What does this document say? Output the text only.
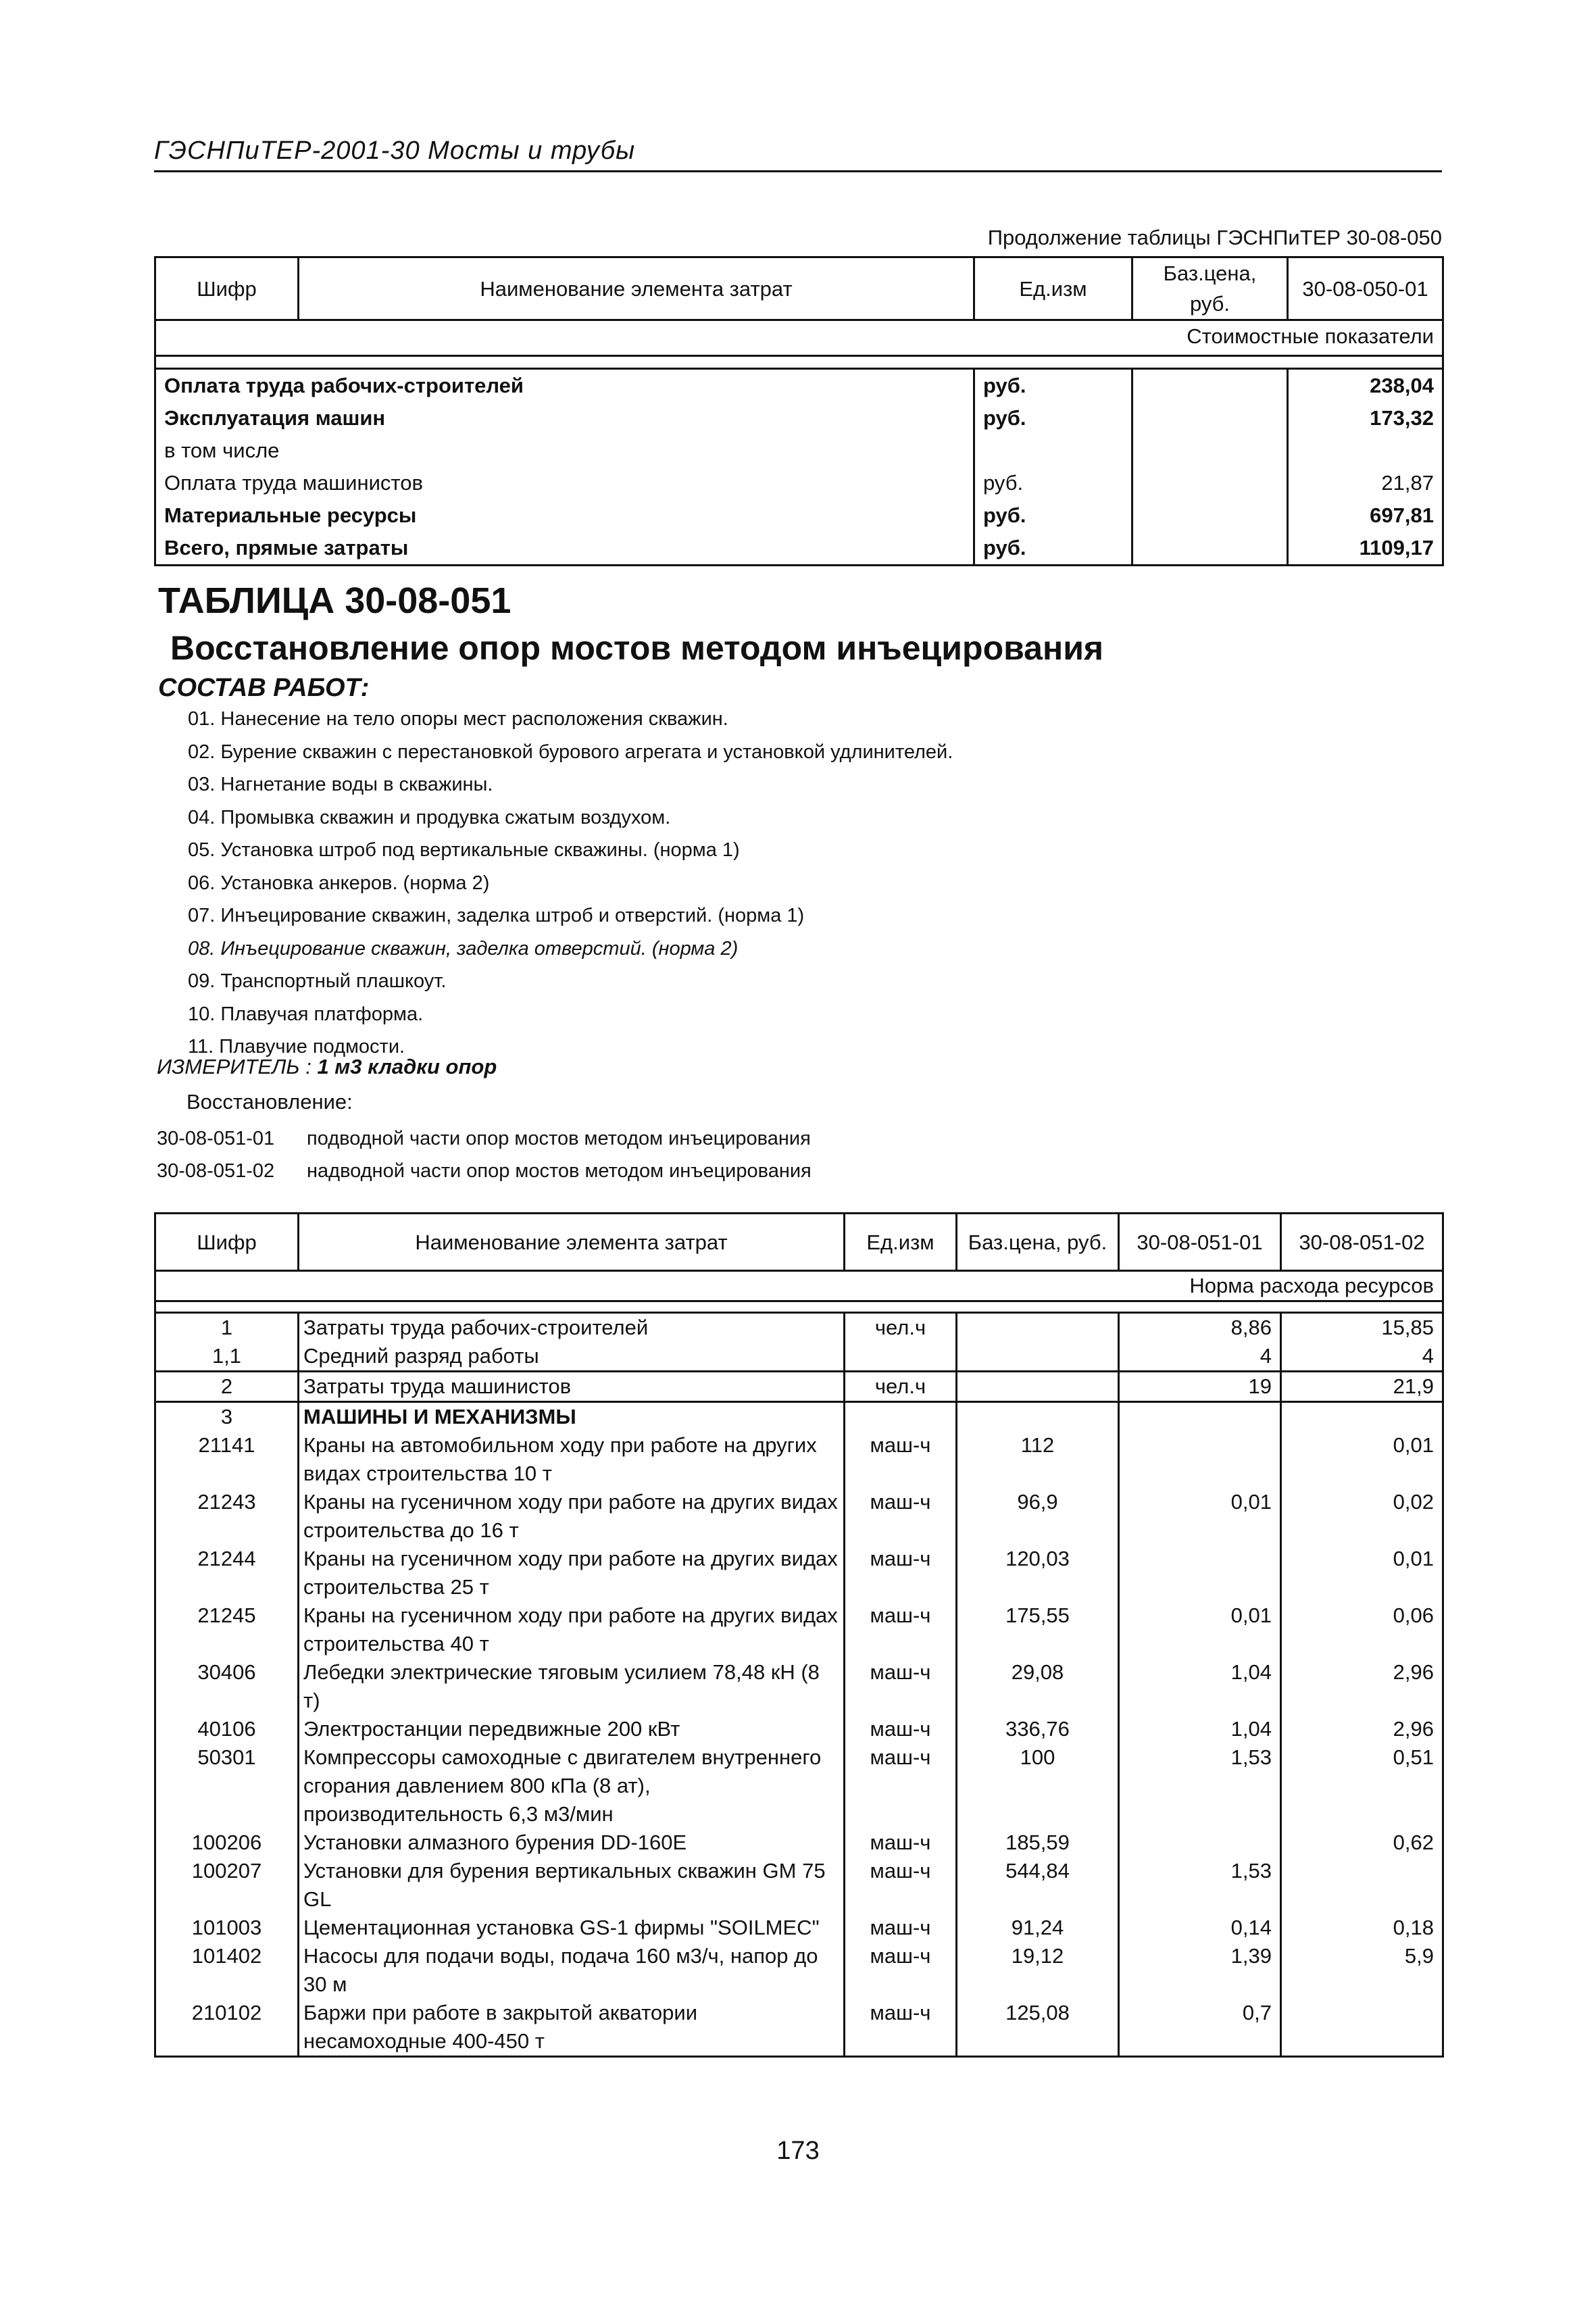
ГЭСНПиТЕР-2001-30 Мосты и трубы
Продолжение таблицы ГЭСНПиТЕР 30-08-050
Шифр	Наименование элемента затрат	Ед.изм	Баз.цена, руб.	30-08-050-01
Стоимостные показатели				

Оплата труда рабочих-строителей		руб.		238,04
Эксплуатация машин		руб.		173,32
в том числе				
Оплата труда машинистов		руб.		21,87
Материальные ресурсы		руб.		697,81
Всего, прямые затраты		руб.		1109,17
ТАБЛИЦА 30-08-051
Восстановление опор мостов методом инъецирования
СОСТАВ РАБОТ:
01. Нанесение на тело опоры мест расположения скважин.
02. Бурение скважин с перестановкой бурового агрегата и установкой удлинителей.
03. Нагнетание воды в скважины.
04. Промывка скважин и продувка сжатым воздухом.
05. Установка штроб под вертикальные скважины. (норма 1)
06. Установка анкеров. (норма 2)
07. Инъецирование скважин, заделка штроб и отверстий. (норма 1)
08. Инъецирование скважин, заделка отверстий. (норма 2)
09. Транспортный плашкоут.
10. Плавучая платформа.
11. Плавучие подмости.
ИЗМЕРИТЕЛЬ : 1 м3 кладки опор
Восстановление:
30-08-051-01 подводной части опор мостов методом инъецирования
30-08-051-02 надводной части опор мостов методом инъецирования
Шифр	Наименование элемента затрат	Ед.изм	Баз.цена, руб.	30-08-051-01	30-08-051-02
Норма расхода ресурсов					

1	Затраты труда рабочих-строителей	чел.ч		8,86	15,85
1,1	Средний разряд работы			4	4
2	Затраты труда машинистов	чел.ч		19	21,9
3	МАШИНЫ И МЕХАНИЗМЫ				
21141	Краны на автомобильном ходу при работе на других видах строительства 10 т	маш-ч	112		0,01
21243	Краны на гусеничном ходу при работе на других видах строительства до 16 т	маш-ч	96,9	0,01	0,02
21244	Краны на гусеничном ходу при работе на других видах строительства 25 т	маш-ч	120,03		0,01
21245	Краны на гусеничном ходу при работе на других видах строительства 40 т	маш-ч	175,55	0,01	0,06
30406	Лебедки электрические тяговым усилием 78,48 кН (8 т)	маш-ч	29,08	1,04	2,96
40106	Электростанции передвижные 200 кВт	маш-ч	336,76	1,04	2,96
50301	Компрессоры самоходные с двигателем внутреннего сгорания давлением 800 кПа (8 ат), производительность 6,3 м3/мин	маш-ч	100	1,53	0,51
100206	Установки алмазного бурения DD-160E	маш-ч	185,59		0,62
100207	Установки для бурения вертикальных скважин GM 75 GL	маш-ч	544,84	1,53	
101003	Цементационная установка GS-1 фирмы "SOILMEC"	маш-ч	91,24	0,14	0,18
101402	Насосы для подачи воды, подача 160 м3/ч, напор до 30 м	маш-ч	19,12	1,39	5,9
210102	Баржи при работе в закрытой акватории несамоходные 400-450 т	маш-ч	125,08	0,7	
173
